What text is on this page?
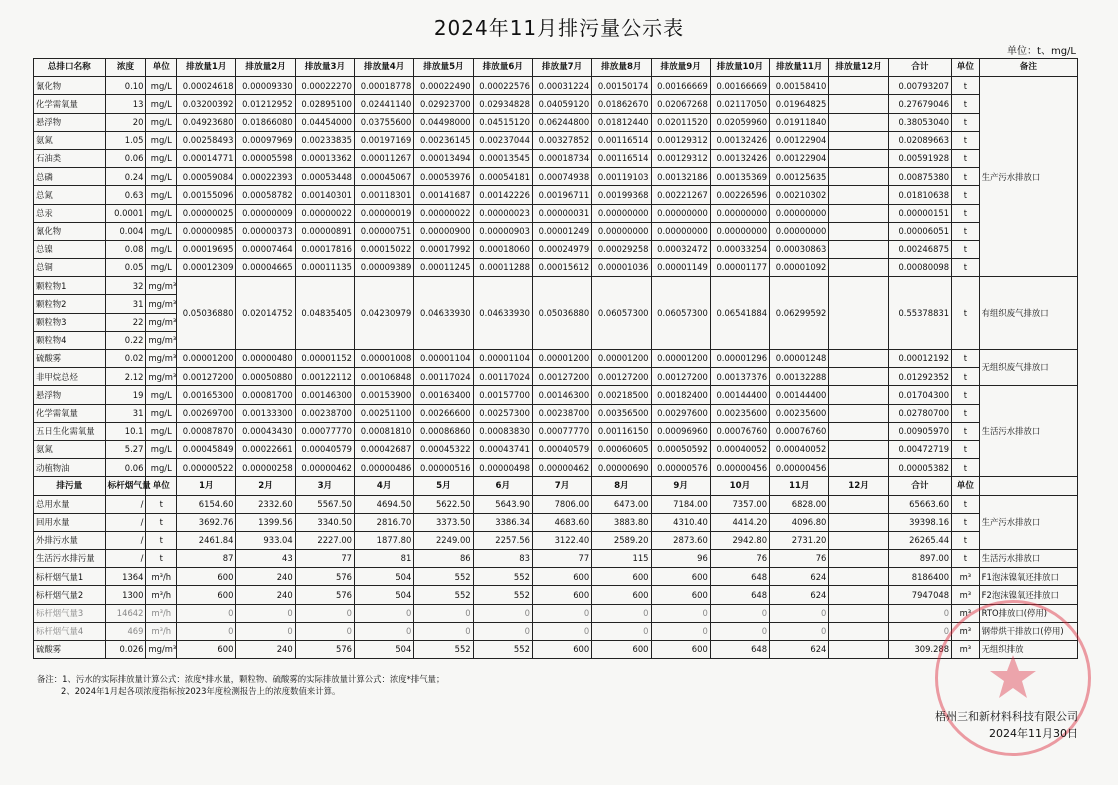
2024年11月排污量公示表
单位：t、mg/L
总排口名称	浓度	单位	排放量1月	排放量2月	排放量3月	排放量4月	排放量5月	排放量6月	排放量7月	排放量8月	排放量9月	排放量10月	排放量11月	排放量12月	合计	单位	备注
氰化物	0.10	mg/L	0.00024618	0.00009330	0.00022270	0.00018778	0.00022490	0.00022576	0.00031224	0.00150174	0.00166669	0.00166669	0.00158410		0.00793207	t	生产污水排放口
化学需氧量	13	mg/L	0.03200392	0.01212952	0.02895100	0.02441140	0.02923700	0.02934828	0.04059120	0.01862670	0.02067268	0.02117050	0.01964825		0.27679046	t	
悬浮物	20	mg/L	0.04923680	0.01866080	0.04454000	0.03755600	0.04498000	0.04515120	0.06244800	0.01812440	0.02011520	0.02059960	0.01911840		0.38053040	t	
氨氮	1.05	mg/L	0.00258493	0.00097969	0.00233835	0.00197169	0.00236145	0.00237044	0.00327852	0.00116514	0.00129312	0.00132426	0.00122904		0.02089663	t	
石油类	0.06	mg/L	0.00014771	0.00005598	0.00013362	0.00011267	0.00013494	0.00013545	0.00018734	0.00116514	0.00129312	0.00132426	0.00122904		0.00591928	t	
总磷	0.24	mg/L	0.00059084	0.00022393	0.00053448	0.00045067	0.00053976	0.00054181	0.00074938	0.00119103	0.00132186	0.00135369	0.00125635		0.00875380	t	
总氮	0.63	mg/L	0.00155096	0.00058782	0.00140301	0.00118301	0.00141687	0.00142226	0.00196711	0.00199368	0.00221267	0.00226596	0.00210302		0.01810638	t	
总汞	0.0001	mg/L	0.00000025	0.00000009	0.00000022	0.00000019	0.00000022	0.00000023	0.00000031	0.00000000	0.00000000	0.00000000	0.00000000		0.00000151	t	
氰化物	0.004	mg/L	0.00000985	0.00000373	0.00000891	0.00000751	0.00000900	0.00000903	0.00001249	0.00000000	0.00000000	0.00000000	0.00000000		0.00006051	t	
总镍	0.08	mg/L	0.00019695	0.00007464	0.00017816	0.00015022	0.00017992	0.00018060	0.00024979	0.00029258	0.00032472	0.00033254	0.00030863		0.00246875	t	
总铜	0.05	mg/L	0.00012309	0.00004665	0.00011135	0.00009389	0.00011245	0.00011288	0.00015612	0.00001036	0.00001149	0.00001177	0.00001092		0.00080098	t	
颗粒物1	32	mg/m³	0.05036880	0.02014752	0.04835405	0.04230979	0.04633930	0.04633930	0.05036880	0.06057300	0.06057300	0.06541884	0.06299592		0.55378831	t	有组织废气排放口
颗粒物2	31	mg/m³															
颗粒物3	22	mg/m³															
颗粒物4	0.22	mg/m³															
硫酸雾	0.02	mg/m³	0.00001200	0.00000480	0.00001152	0.00001008	0.00001104	0.00001104	0.00001200	0.00001200	0.00001200	0.00001296	0.00001248		0.00012192	t	无组织废气排放口
非甲烷总烃	2.12	mg/m³	0.00127200	0.00050880	0.00122112	0.00106848	0.00117024	0.00117024	0.00127200	0.00127200	0.00127200	0.00137376	0.00132288		0.01292352	t	
悬浮物	19	mg/L	0.00165300	0.00081700	0.00146300	0.00153900	0.00163400	0.00157700	0.00146300	0.00218500	0.00182400	0.00144400	0.00144400		0.01704300	t	生活污水排放口
化学需氧量	31	mg/L	0.00269700	0.00133300	0.00238700	0.00251100	0.00266600	0.00257300	0.00238700	0.00356500	0.00297600	0.00235600	0.00235600		0.02780700	t	
五日生化需氧量	10.1	mg/L	0.00087870	0.00043430	0.00077770	0.00081810	0.00086860	0.00083830	0.00077770	0.00116150	0.00096960	0.00076760	0.00076760		0.00905970	t	
氨氮	5.27	mg/L	0.00045849	0.00022661	0.00040579	0.00042687	0.00045322	0.00043741	0.00040579	0.00060605	0.00050592	0.00040052	0.00040052		0.00472719	t	
动植物油	0.06	mg/L	0.00000522	0.00000258	0.00000462	0.00000486	0.00000516	0.00000498	0.00000462	0.00000690	0.00000576	0.00000456	0.00000456		0.00005382	t	
排污量	标杆烟气量	单位	1月	2月	3月	4月	5月	6月	7月	8月	9月	10月	11月	12月	合计	单位	
总用水量	/	t	6154.60	2332.60	5567.50	4694.50	5622.50	5643.90	7806.00	6473.00	7184.00	7357.00	6828.00		65663.60	t	生产污水排放口
回用水量	/	t	3692.76	1399.56	3340.50	2816.70	3373.50	3386.34	4683.60	3883.80	4310.40	4414.20	4096.80		39398.16	t	
外排污水量	/	t	2461.84	933.04	2227.00	1877.80	2249.00	2257.56	3122.40	2589.20	2873.60	2942.80	2731.20		26265.44	t	
生活污水排污量	/	t	87	43	77	81	86	83	77	115	96	76	76		897.00	t	生活污水排放口
标杆烟气量1	1364	m³/h	600	240	576	504	552	552	600	600	600	648	624		8186400	m³	F1泡沫镍氧还排放口
标杆烟气量2	1300	m³/h	600	240	576	504	552	552	600	600	600	648	624		7947048	m³	F2泡沫镍氧还排放口
标杆烟气量3	14642	m³/h	0	0	0	0	0	0	0	0	0	0	0		0	m³	RTO排放口(停用)
标杆烟气量4	469	m³/h	0	0	0	0	0	0	0	0	0	0	0		0	m³	钢带烘干排放口(停用)
硫酸雾	0.026	mg/m³	600	240	576	504	552	552	600	600	600	648	624		309.288	m³	无组织排放
备注：1、污水的实际排放量计算公式：浓度*排水量，颗粒物、硫酸雾的实际排放量计算公式：浓度*排气量；
2、2024年1月起各项浓度指标按2023年度检测报告上的浓度数值来计算。
梧州三和新材料科技有限公司
2024年11月30日
